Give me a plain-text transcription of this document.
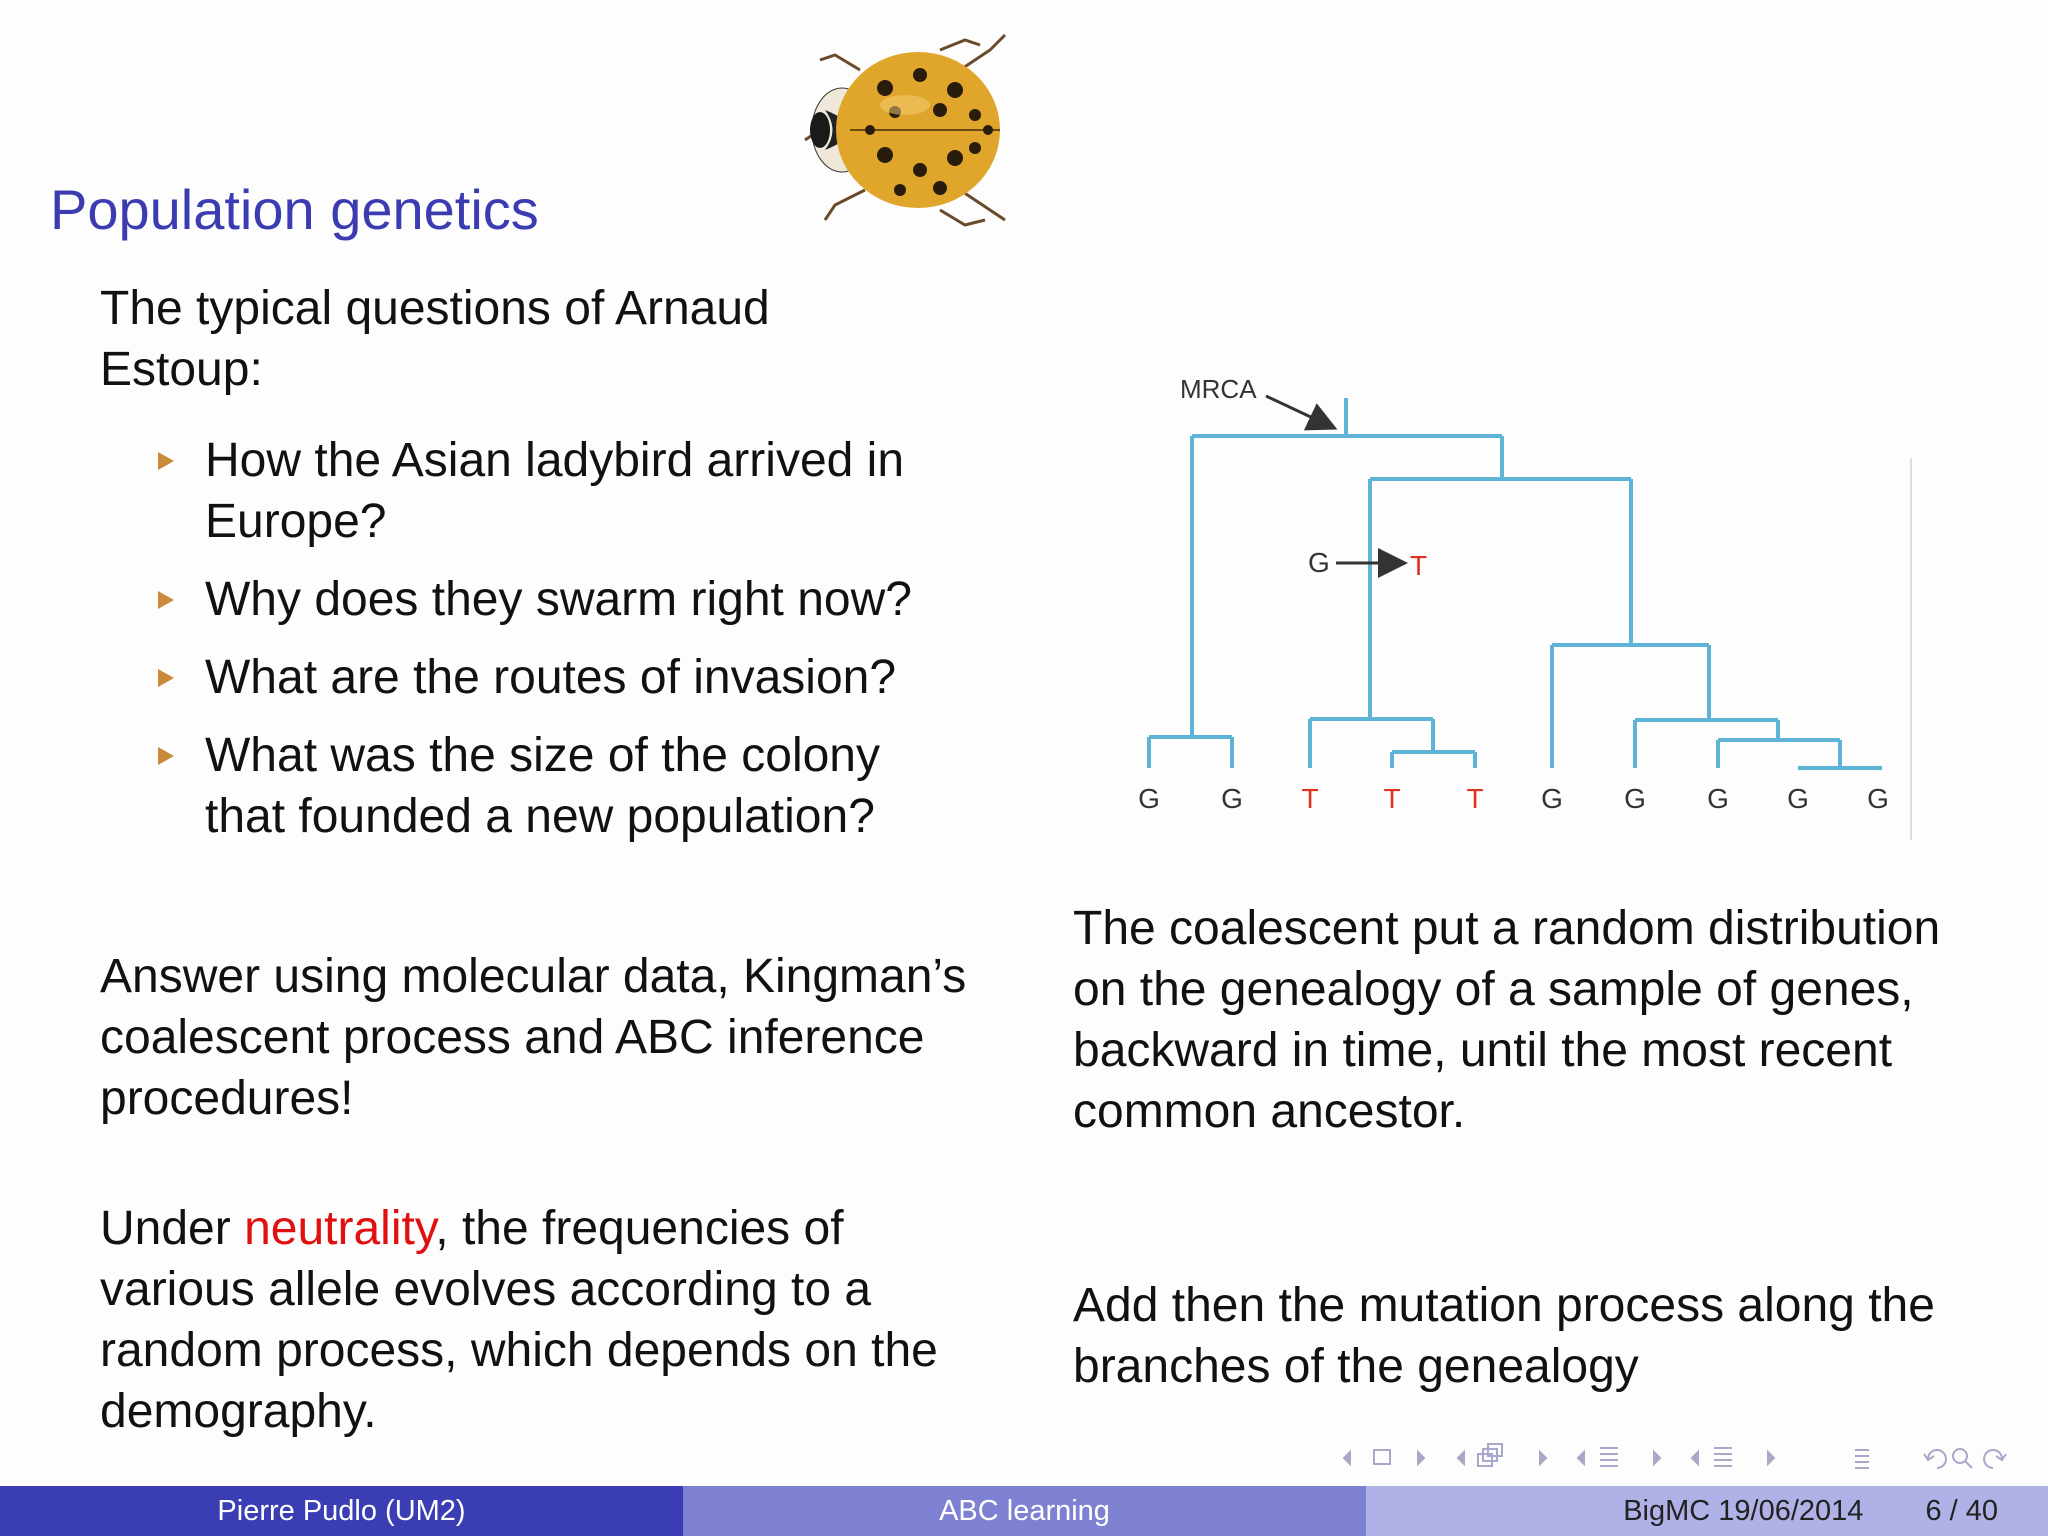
Population genetics
The typical questions of Arnaud Estoup:
How the Asian ladybird arrived in Europe?
Why does they swarm right now?
What are the routes of invasion?
What was the size of the colony that founded a new population?
Answer using molecular data, Kingman’s coalescent process and ABC inference procedures!
Under neutrality, the frequencies of various allele evolves according to a random process, which depends on the demography.
MRCA
G	T
G G T T T G G G G G
The coalescent put a random distribution on the genealogy of a sample of genes, backward in time, until the most recent common ancestor.
Add then the mutation process along the branches of the genealogy
Pierre Pudlo (UM2)	ABC learning	BigMC 19/06/2014 6 / 40
